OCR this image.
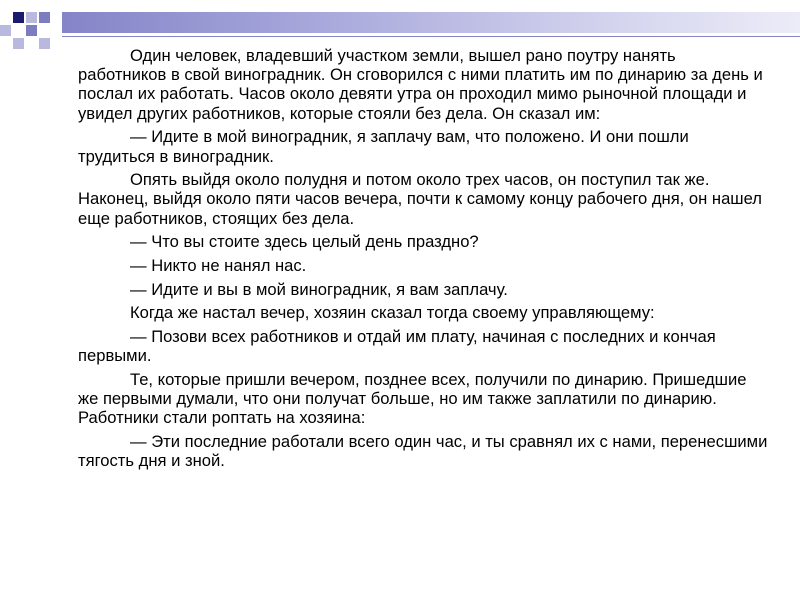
Один человек, владевший участком земли, вышел рано поутру нанять работников в свой виноградник. Он сговорился с ними платить им по динарию за день и послал их работать. Часов около девяти утра он проходил мимо рыночной площади и увидел других работников, которые стояли без дела. Он сказал им:

— Идите в мой виноградник, я заплачу вам, что положено. И они пошли трудиться в виноградник.

Опять выйдя около полудня и потом около трех часов, он поступил так же. Наконец, выйдя около пяти часов вечера, почти к самому концу рабочего дня, он нашел еще работников, стоящих без дела.

— Что вы стоите здесь целый день праздно?

— Никто не нанял нас.

— Идите и вы в мой виноградник, я вам заплачу.

Когда же настал вечер, хозяин сказал тогда своему управляющему:

— Позови всех работников и отдай им плату, начиная с последних и кончая первыми.

Те, которые пришли вечером, позднее всех, получили по динарию. Пришедшие же первыми думали, что они получат больше, но им также заплатили по динарию. Работники стали роптать на хозяина:

— Эти последние работали всего один час, и ты сравнял их с нами, перенесшими тягость дня и зной.
